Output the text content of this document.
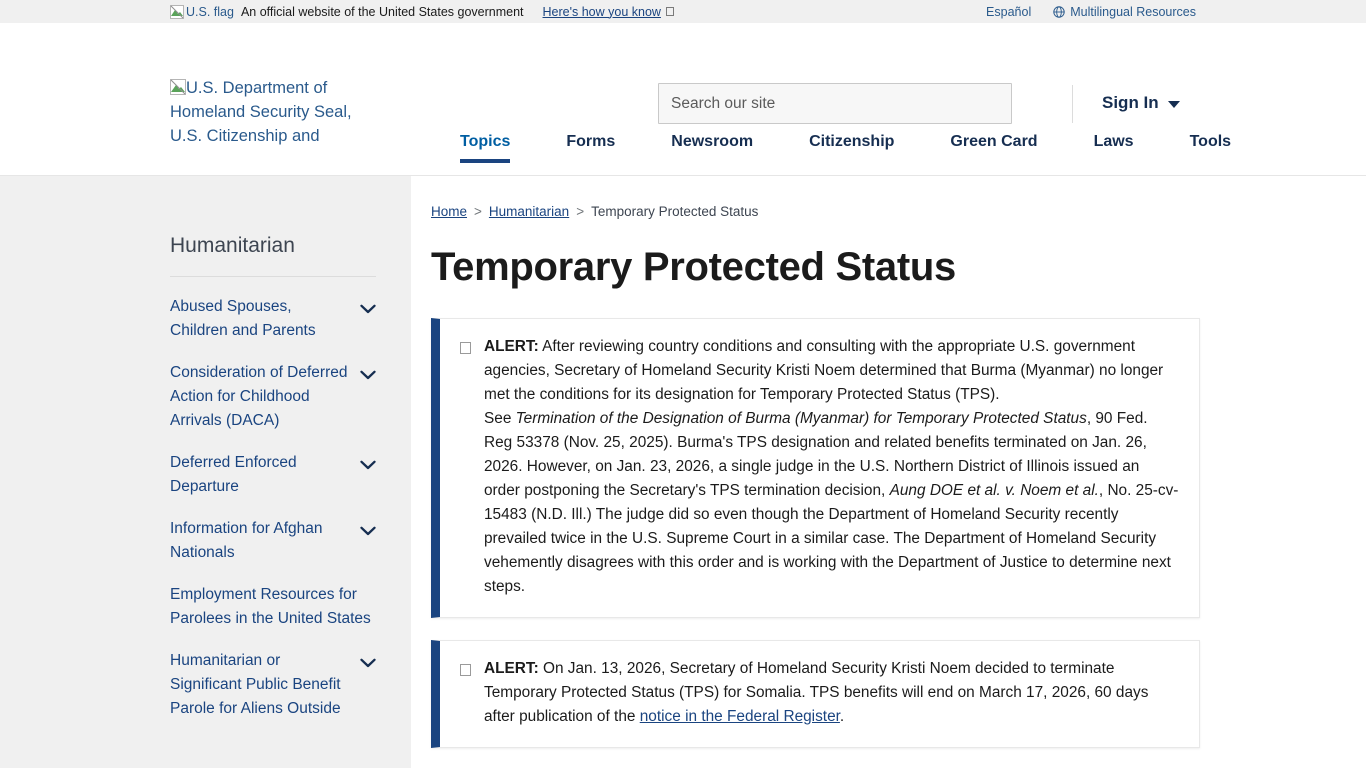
U.S. flag An official website of the United States government Here's how you know	Español	Multilingual Resources
U.S. Department of
Homeland Security Seal,
U.S. Citizenship and
Search our site
Sign In
Topics	Forms	Newsroom	Citizenship	Green Card	Laws	Tools
Humanitarian
Abused Spouses, Children and Parents
Consideration of Deferred Action for Childhood Arrivals (DACA)
Deferred Enforced Departure
Information for Afghan Nationals
Employment Resources for Parolees in the United States
Humanitarian or Significant Public Benefit Parole for Aliens Outside
Home > Humanitarian > Temporary Protected Status
Temporary Protected Status
ALERT: After reviewing country conditions and consulting with the appropriate U.S. government agencies, Secretary of Homeland Security Kristi Noem determined that Burma (Myanmar) no longer met the conditions for its designation for Temporary Protected Status (TPS).
See Termination of the Designation of Burma (Myanmar) for Temporary Protected Status, 90 Fed. Reg 53378 (Nov. 25, 2025). Burma's TPS designation and related benefits terminated on Jan. 26, 2026. However, on Jan. 23, 2026, a single judge in the U.S. Northern District of Illinois issued an order postponing the Secretary's TPS termination decision, Aung DOE et al. v. Noem et al., No. 25-cv-15483 (N.D. Ill.) The judge did so even though the Department of Homeland Security recently prevailed twice in the U.S. Supreme Court in a similar case. The Department of Homeland Security vehemently disagrees with this order and is working with the Department of Justice to determine next steps.
ALERT: On Jan. 13, 2026, Secretary of Homeland Security Kristi Noem decided to terminate Temporary Protected Status (TPS) for Somalia. TPS benefits will end on March 17, 2026, 60 days after publication of the notice in the Federal Register.
